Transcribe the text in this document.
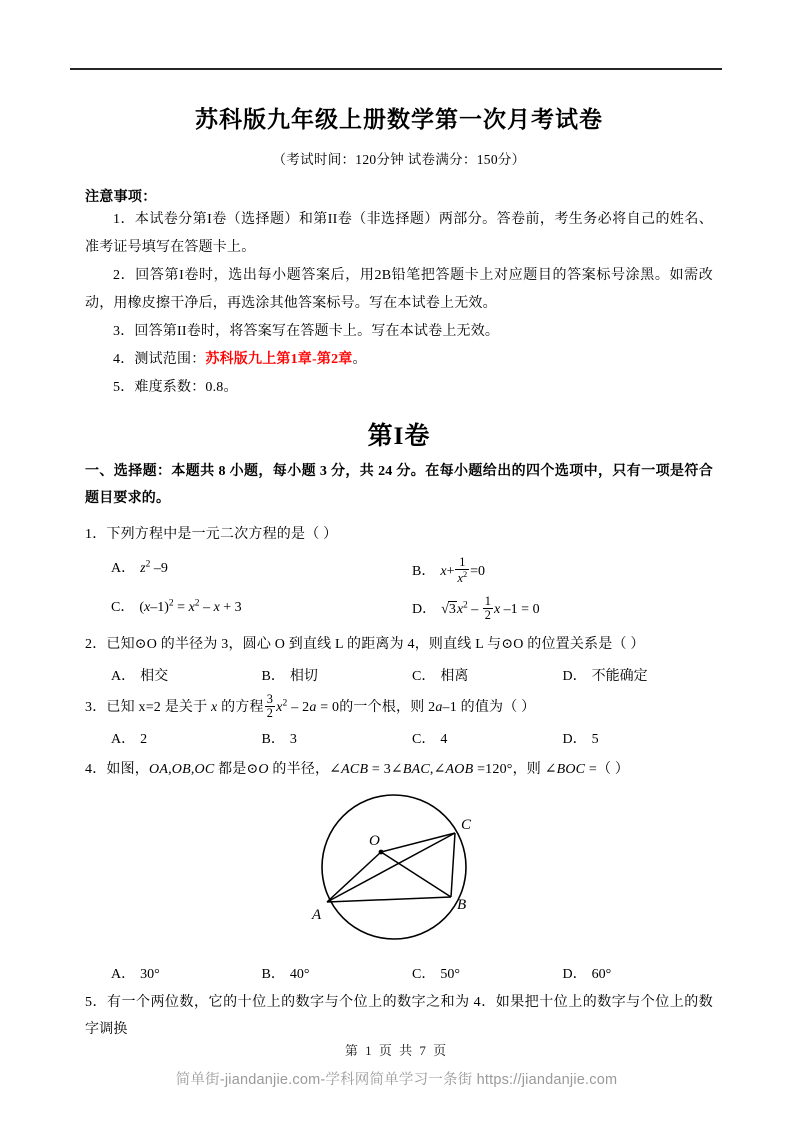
苏科版九年级上册数学第一次月考试卷
（考试时间：120分钟 试卷满分：150分）
注意事项：
1．本试卷分第I卷（选择题）和第II卷（非选择题）两部分。答卷前，考生务必将自己的姓名、准考证号填写在答题卡上。
2．回答第I卷时，选出每小题答案后，用2B铅笔把答题卡上对应题目的答案标号涂黑。如需改动，用橡皮擦干净后，再选涂其他答案标号。写在本试卷上无效。
3．回答第II卷时，将答案写在答题卡上。写在本试卷上无效。
4．测试范围：苏科版九上第1章-第2章。
5．难度系数：0.8。
第I卷
一、选择题：本题共 8 小题，每小题 3 分，共 24 分。在每小题给出的四个选项中，只有一项是符合题目要求的。
1．下列方程中是一元二次方程的是（ ）
A． $z^2$ –9	B． $x+ \frac{1}{x^2} =0$
C． $(x-1)^2 = x^2 - x + 3$	D． $√3x^2 - \frac{1}{2}$ x –1 = 0
2．已知⊙O 的半径为 3，圆心 O 到直线 L 的距离为 4，则直线 L 与⊙O 的位置关系是（ ）
A． 相交	B． 相切	C． 相离	D． 不能确定
3．已知 x=2 是关于 x 的方程 $\frac{3}{2} x^2 - 2a = 0$的一个根，则 2a–1 的值为（ ）
A． 2	B． 3	C． 4	D． 5
4．如图，OA,OB,OC 都是⊙O 的半径，∠ACB = 3∠BAC,∠AOB =120°，则 ∠BOC =（ ）
O
A
B
C
A． 30°	B． 40°	C． 50°	D． 60°
5．有一个两位数，它的十位上的数字与个位上的数字之和为 4．如果把十位上的数字与个位上的数字调换
第 1 页 共 7 页
简单街-jiandanjie.com-学科网简单学习一条街 https://jiandanjie.com
